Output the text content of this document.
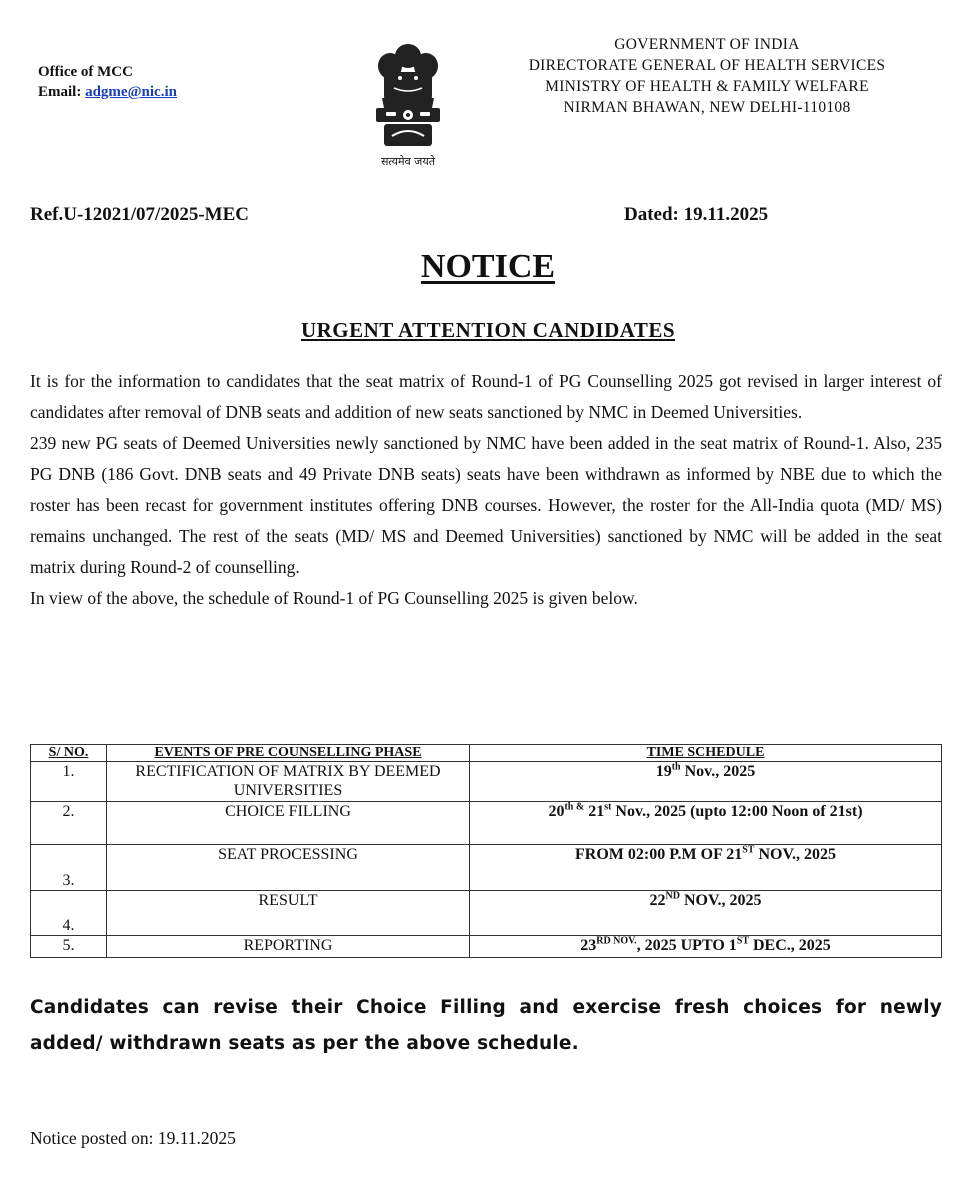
Office of MCC
Email: adgme@nic.in
सत्यमेव जयते
GOVERNMENT OF INDIA
DIRECTORATE GENERAL OF HEALTH SERVICES
MINISTRY OF HEALTH & FAMILY WELFARE
NIRMAN BHAWAN, NEW DELHI-110108
Ref.U-12021/07/2025-MEC	Dated: 19.11.2025
NOTICE
URGENT ATTENTION CANDIDATES

It is for the information to candidates that the seat matrix of Round-1 of PG Counselling 2025 got revised in larger interest of candidates after removal of DNB seats and addition of new seats sanctioned by NMC in Deemed Universities.

239 new PG seats of Deemed Universities newly sanctioned by NMC have been added in the seat matrix of Round-1. Also, 235 PG DNB (186 Govt. DNB seats and 49 Private DNB seats) seats have been withdrawn as informed by NBE due to which the roster has been recast for government institutes offering DNB courses. However, the roster for the All-India quota (MD/ MS) remains unchanged. The rest of the seats (MD/ MS and Deemed Universities) sanctioned by NMC will be added in the seat matrix during Round-2 of counselling.

In view of the above, the schedule of Round-1 of PG Counselling 2025 is given below.

S/ NO.	EVENTS OF PRE COUNSELLING PHASE	TIME SCHEDULE
1.	RECTIFICATION OF MATRIX BY DEEMED UNIVERSITIES	19th Nov., 2025
2.	CHOICE FILLING	$20^{th \&}$ 21st Nov., 2025 (upto 12:00 Noon of 21st)
3.	SEAT PROCESSING	FROM 02:00 P.M OF 21ST NOV., 2025
4.	RESULT	22ND NOV., 2025
5.	REPORTING	$23^{RD NOV.}$, 2025 UPTO 1ST DEC., 2025
Candidates can revise their Choice Filling and exercise fresh choices for newly added/ withdrawn seats as per the above schedule.
Notice posted on: 19.11.2025
